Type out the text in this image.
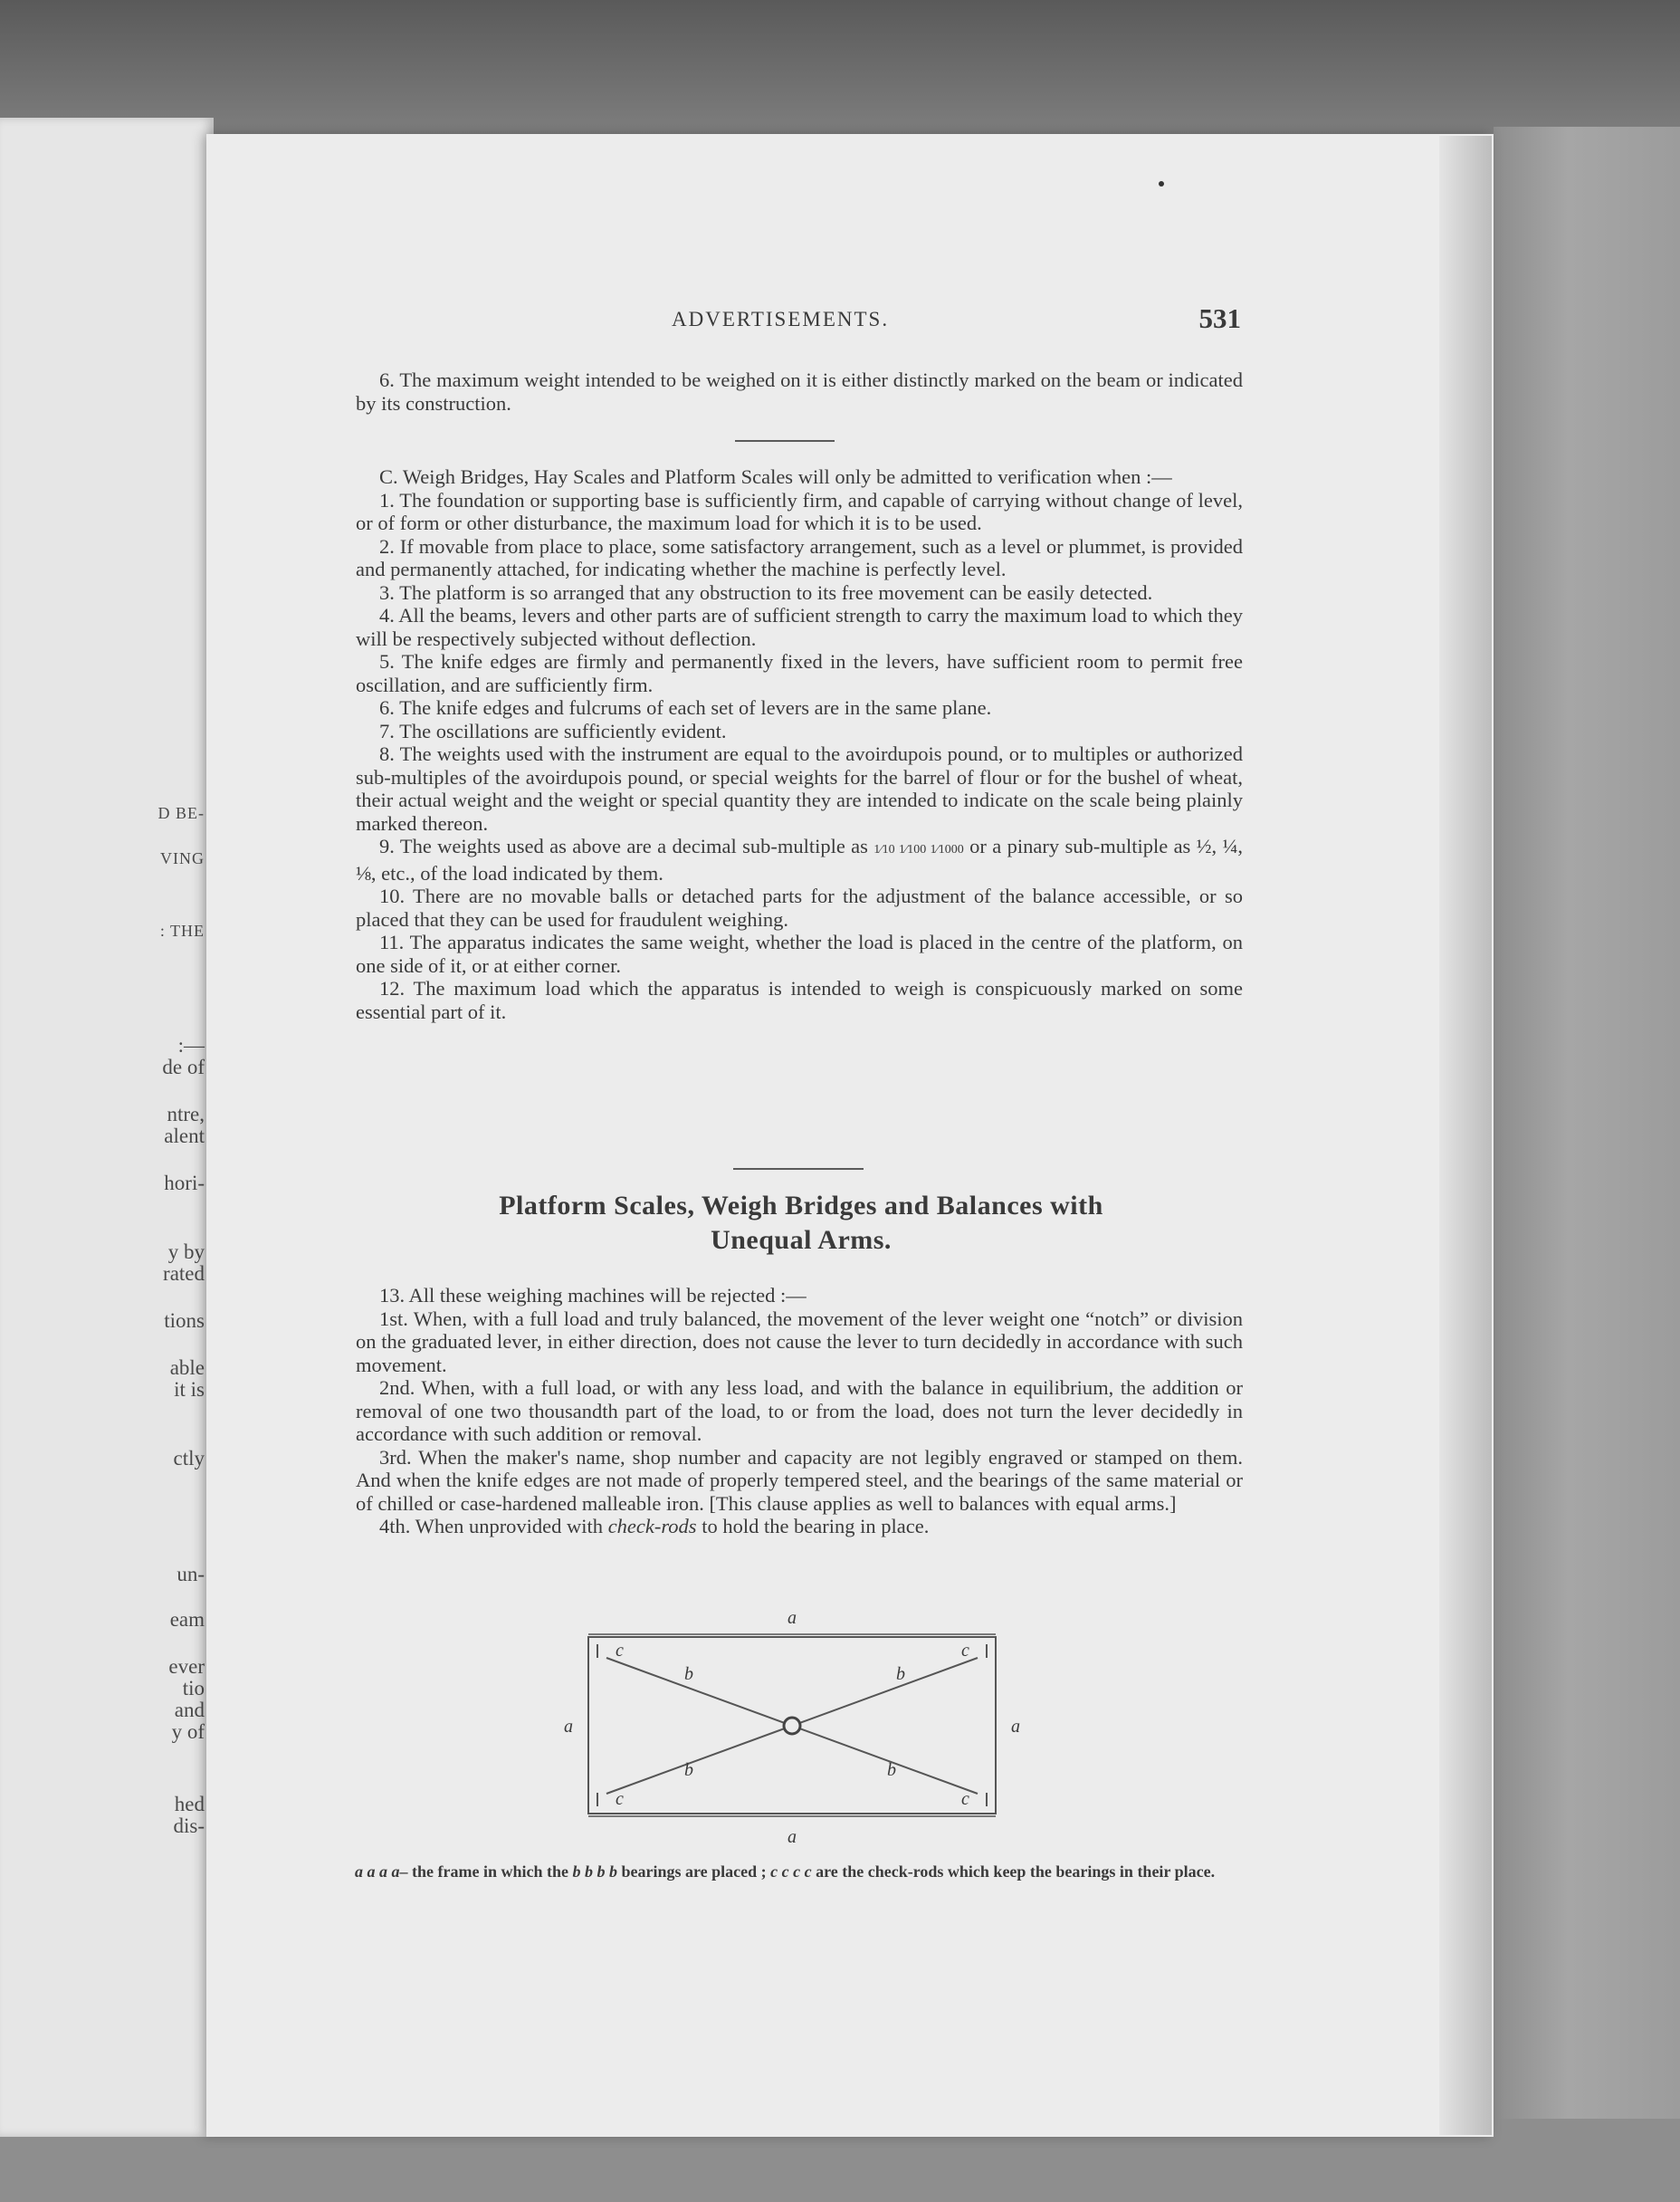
D BE-
VING
: THE
:—
de of
ntre,
alent
hori-
y by
rated
tions
able
it is
ctly
un-
eam
ever
tio
and
y of
hed
dis-
ADVERTISEMENTS.	531

6. The maximum weight intended to be weighed on it is either distinctly marked on the beam or indicated by its construction.

C. Weigh Bridges, Hay Scales and Platform Scales will only be admitted to verification when :—

1. The foundation or supporting base is sufficiently firm, and capable of carrying without change of level, or of form or other disturbance, the maximum load for which it is to be used.

2. If movable from place to place, some satisfactory arrangement, such as a level or plummet, is provided and permanently attached, for indicating whether the machine is perfectly level.

3. The platform is so arranged that any obstruction to its free movement can be easily detected.

4. All the beams, levers and other parts are of sufficient strength to carry the maximum load to which they will be respectively subjected without deflection.

5. The knife edges are firmly and permanently fixed in the levers, have sufficient room to permit free oscillation, and are sufficiently firm.

6. The knife edges and fulcrums of each set of levers are in the same plane.

7. The oscillations are sufficiently evident.

8. The weights used with the instrument are equal to the avoirdupois pound, or to multiples or authorized sub-multiples of the avoirdupois pound, or special weights for the barrel of flour or for the bushel of wheat, their actual weight and the weight or special quantity they are intended to indicate on the scale being plainly marked thereon.

9. The weights used as above are a decimal sub-multiple as 1⁄10 1⁄100 1⁄1000 or a pinary sub-multiple as ½, ¼, ⅛, etc., of the load indicated by them.

10. There are no movable balls or detached parts for the adjustment of the balance accessible, or so placed that they can be used for fraudulent weighing.

11. The apparatus indicates the same weight, whether the load is placed in the centre of the platform, on one side of it, or at either corner.

12. The maximum load which the apparatus is intended to weigh is conspicuously marked on some essential part of it.

Platform Scales, Weigh Bridges and Balances with
Unequal Arms.

13. All these weighing machines will be rejected :—

1st. When, with a full load and truly balanced, the movement of the lever weight one “notch” or division on the graduated lever, in either direction, does not cause the lever to turn decidedly in accordance with such movement.

2nd. When, with a full load, or with any less load, and with the balance in equilibrium, the addition or removal of one two thousandth part of the load, to or from the load, does not turn the lever decidedly in accordance with such addition or removal.

3rd. When the maker's name, shop number and capacity are not legibly engraved or stamped on them. And when the knife edges are not made of properly tempered steel, and the bearings of the same material or of chilled or case-hardened malleable iron. [This clause applies as well to balances with equal arms.]

4th. When unprovided with check-rods to hold the bearing in place.

a
a
a	a
c	c
c	c
b	b
b	b
a a a a– the frame in which the b b b b bearings are placed ; c c c c are the check-rods which keep the bearings in their place.
